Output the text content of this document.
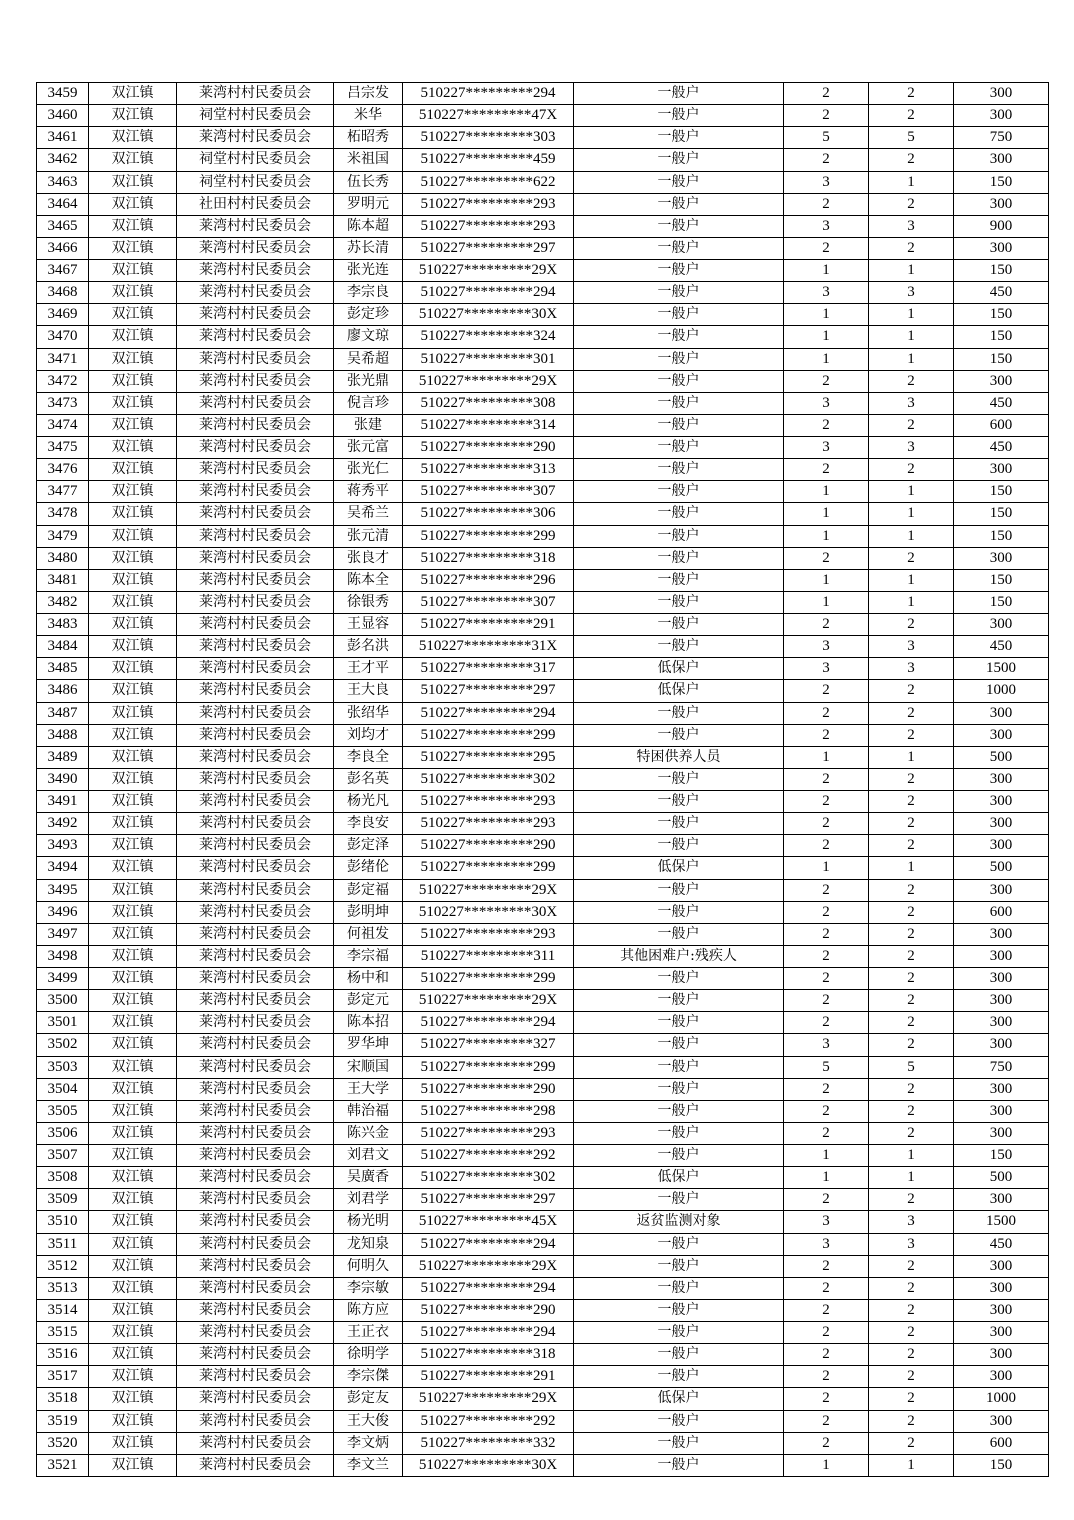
3459	双江镇	莱湾村村民委员会	吕宗发	510227*********294	一般户	2	2	300
3460	双江镇	祠堂村村民委员会	米华	510227*********47X	一般户	2	2	300
3461	双江镇	莱湾村村民委员会	柘昭秀	510227*********303	一般户	5	5	750
3462	双江镇	祠堂村村民委员会	米祖国	510227*********459	一般户	2	2	300
3463	双江镇	祠堂村村民委员会	伍长秀	510227*********622	一般户	3	1	150
3464	双江镇	社田村村民委员会	罗明元	510227*********293	一般户	2	2	300
3465	双江镇	莱湾村村民委员会	陈本超	510227*********293	一般户	3	3	900
3466	双江镇	莱湾村村民委员会	苏长清	510227*********297	一般户	2	2	300
3467	双江镇	莱湾村村民委员会	张光连	510227*********29X	一般户	1	1	150
3468	双江镇	莱湾村村民委员会	李宗良	510227*********294	一般户	3	3	450
3469	双江镇	莱湾村村民委员会	彭定珍	510227*********30X	一般户	1	1	150
3470	双江镇	莱湾村村民委员会	廖文琼	510227*********324	一般户	1	1	150
3471	双江镇	莱湾村村民委员会	吴希超	510227*********301	一般户	1	1	150
3472	双江镇	莱湾村村民委员会	张光鼎	510227*********29X	一般户	2	2	300
3473	双江镇	莱湾村村民委员会	倪言珍	510227*********308	一般户	3	3	450
3474	双江镇	莱湾村村民委员会	张建	510227*********314	一般户	2	2	600
3475	双江镇	莱湾村村民委员会	张元富	510227*********290	一般户	3	3	450
3476	双江镇	莱湾村村民委员会	张光仁	510227*********313	一般户	2	2	300
3477	双江镇	莱湾村村民委员会	蒋秀平	510227*********307	一般户	1	1	150
3478	双江镇	莱湾村村民委员会	吴希兰	510227*********306	一般户	1	1	150
3479	双江镇	莱湾村村民委员会	张元清	510227*********299	一般户	1	1	150
3480	双江镇	莱湾村村民委员会	张良才	510227*********318	一般户	2	2	300
3481	双江镇	莱湾村村民委员会	陈本全	510227*********296	一般户	1	1	150
3482	双江镇	莱湾村村民委员会	徐银秀	510227*********307	一般户	1	1	150
3483	双江镇	莱湾村村民委员会	王显容	510227*********291	一般户	2	2	300
3484	双江镇	莱湾村村民委员会	彭名洪	510227*********31X	一般户	3	3	450
3485	双江镇	莱湾村村民委员会	王才平	510227*********317	低保户	3	3	1500
3486	双江镇	莱湾村村民委员会	王大良	510227*********297	低保户	2	2	1000
3487	双江镇	莱湾村村民委员会	张绍华	510227*********294	一般户	2	2	300
3488	双江镇	莱湾村村民委员会	刘均才	510227*********299	一般户	2	2	300
3489	双江镇	莱湾村村民委员会	李良全	510227*********295	特困供养人员	1	1	500
3490	双江镇	莱湾村村民委员会	彭名英	510227*********302	一般户	2	2	300
3491	双江镇	莱湾村村民委员会	杨光凡	510227*********293	一般户	2	2	300
3492	双江镇	莱湾村村民委员会	李良安	510227*********293	一般户	2	2	300
3493	双江镇	莱湾村村民委员会	彭定泽	510227*********290	一般户	2	2	300
3494	双江镇	莱湾村村民委员会	彭绪伦	510227*********299	低保户	1	1	500
3495	双江镇	莱湾村村民委员会	彭定福	510227*********29X	一般户	2	2	300
3496	双江镇	莱湾村村民委员会	彭明坤	510227*********30X	一般户	2	2	600
3497	双江镇	莱湾村村民委员会	何祖发	510227*********293	一般户	2	2	300
3498	双江镇	莱湾村村民委员会	李宗福	510227*********311	其他困难户:残疾人	2	2	300
3499	双江镇	莱湾村村民委员会	杨中和	510227*********299	一般户	2	2	300
3500	双江镇	莱湾村村民委员会	彭定元	510227*********29X	一般户	2	2	300
3501	双江镇	莱湾村村民委员会	陈本招	510227*********294	一般户	2	2	300
3502	双江镇	莱湾村村民委员会	罗华坤	510227*********327	一般户	3	2	300
3503	双江镇	莱湾村村民委员会	宋顺国	510227*********299	一般户	5	5	750
3504	双江镇	莱湾村村民委员会	王大学	510227*********290	一般户	2	2	300
3505	双江镇	莱湾村村民委员会	韩治福	510227*********298	一般户	2	2	300
3506	双江镇	莱湾村村民委员会	陈兴金	510227*********293	一般户	2	2	300
3507	双江镇	莱湾村村民委员会	刘君文	510227*********292	一般户	1	1	150
3508	双江镇	莱湾村村民委员会	吴廣香	510227*********302	低保户	1	1	500
3509	双江镇	莱湾村村民委员会	刘君学	510227*********297	一般户	2	2	300
3510	双江镇	莱湾村村民委员会	杨光明	510227*********45X	返贫监测对象	3	3	1500
3511	双江镇	莱湾村村民委员会	龙知泉	510227*********294	一般户	3	3	450
3512	双江镇	莱湾村村民委员会	何明久	510227*********29X	一般户	2	2	300
3513	双江镇	莱湾村村民委员会	李宗敏	510227*********294	一般户	2	2	300
3514	双江镇	莱湾村村民委员会	陈方应	510227*********290	一般户	2	2	300
3515	双江镇	莱湾村村民委员会	王正衣	510227*********294	一般户	2	2	300
3516	双江镇	莱湾村村民委员会	徐明学	510227*********318	一般户	2	2	300
3517	双江镇	莱湾村村民委员会	李宗傑	510227*********291	一般户	2	2	300
3518	双江镇	莱湾村村民委员会	彭定友	510227*********29X	低保户	2	2	1000
3519	双江镇	莱湾村村民委员会	王大俊	510227*********292	一般户	2	2	300
3520	双江镇	莱湾村村民委员会	李文炳	510227*********332	一般户	2	2	600
3521	双江镇	莱湾村村民委员会	李文兰	510227*********30X	一般户	1	1	150
